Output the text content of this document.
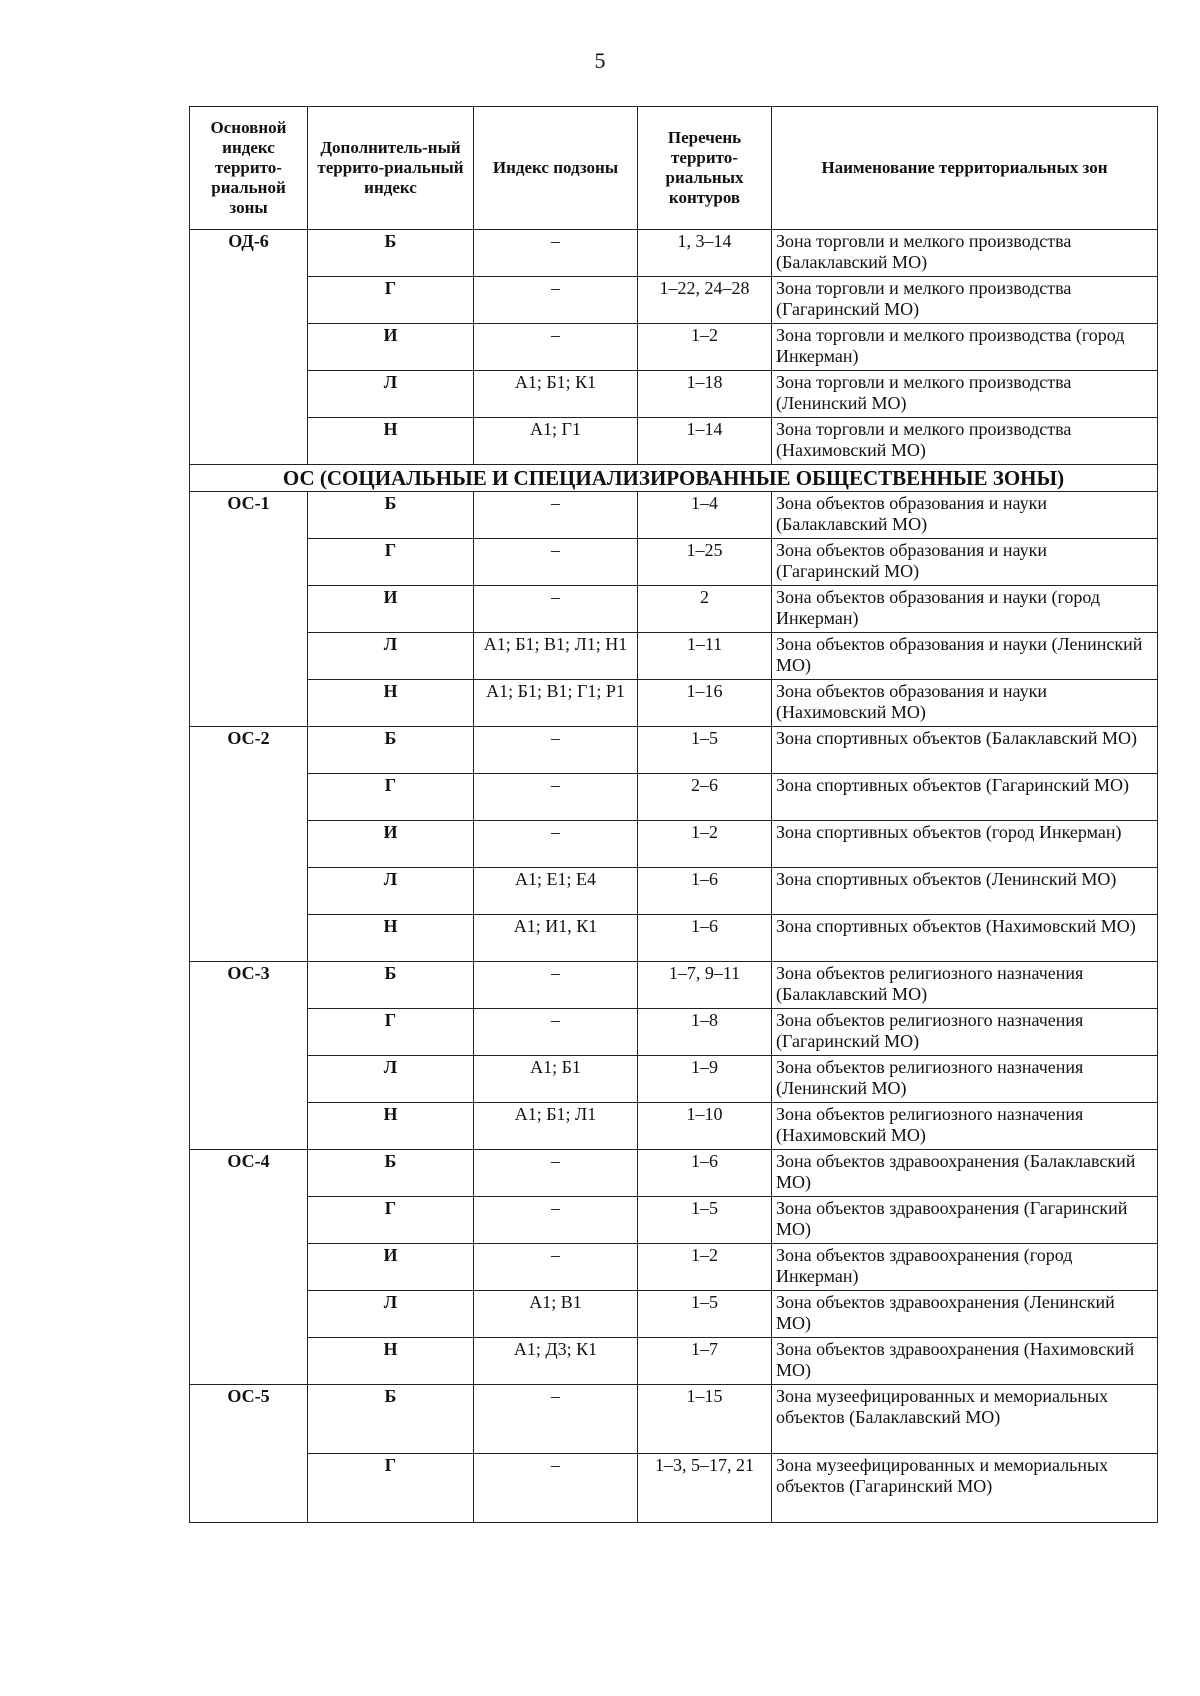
5
Основной индекс террито-риальной зоны	Дополнитель-ный террито-риальный индекс	Индекс подзоны	Перечень террито-риальных контуров	Наименование территориальных зон
ОД-6	Б	–	1, 3–14	Зона торговли и мелкого производства (Балаклавский МО)
	Г	–	1–22, 24–28	Зона торговли и мелкого производства (Гагаринский МО)
	И	–	1–2	Зона торговли и мелкого производства (город Инкерман)
	Л	А1; Б1; К1	1–18	Зона торговли и мелкого производства (Ленинский МО)
	Н	А1; Г1	1–14	Зона торговли и мелкого производства (Нахимовский МО)
ОС (СОЦИАЛЬНЫЕ И СПЕЦИАЛИЗИРОВАННЫЕ ОБЩЕСТВЕННЫЕ ЗОНЫ)				
ОС-1	Б	–	1–4	Зона объектов образования и науки (Балаклавский МО)
	Г	–	1–25	Зона объектов образования и науки (Гагаринский МО)
	И	–	2	Зона объектов образования и науки (город Инкерман)
	Л	А1; Б1; В1; Л1; Н1	1–11	Зона объектов образования и науки (Ленинский МО)
	Н	А1; Б1; В1; Г1; Р1	1–16	Зона объектов образования и науки (Нахимовский МО)
ОС-2	Б	–	1–5	Зона спортивных объектов (Балаклавский МО)
	Г	–	2–6	Зона спортивных объектов (Гагаринский МО)
	И	–	1–2	Зона спортивных объектов (город Инкерман)
	Л	А1; Е1; Е4	1–6	Зона спортивных объектов (Ленинский МО)
	Н	А1; И1, К1	1–6	Зона спортивных объектов (Нахимовский МО)
ОС-3	Б	–	1–7, 9–11	Зона объектов религиозного назначения (Балаклавский МО)
	Г	–	1–8	Зона объектов религиозного назначения (Гагаринский МО)
	Л	А1; Б1	1–9	Зона объектов религиозного назначения (Ленинский МО)
	Н	А1; Б1; Л1	1–10	Зона объектов религиозного назначения (Нахимовский МО)
ОС-4	Б	–	1–6	Зона объектов здравоохранения (Балаклавский МО)
	Г	–	1–5	Зона объектов здравоохранения (Гагаринский МО)
	И	–	1–2	Зона объектов здравоохранения (город Инкерман)
	Л	А1; В1	1–5	Зона объектов здравоохранения (Ленинский МО)
	Н	А1; Д3; К1	1–7	Зона объектов здравоохранения (Нахимовский МО)
ОС-5	Б	–	1–15	Зона музеефицированных и мемориальных объектов (Балаклавский МО)
	Г	–	1–3, 5–17, 21	Зона музеефицированных и мемориальных объектов (Гагаринский МО)
